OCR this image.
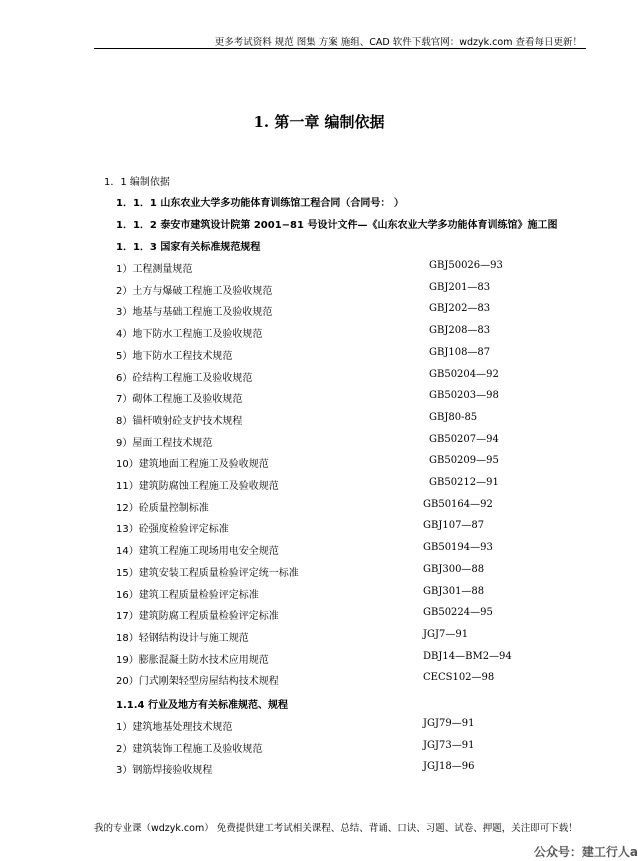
更多考试资料 规范 图集 方案 施组、CAD 软件下载官网：wdzyk.com 查看每日更新！
1. 第一章 编制依据
1．1 编制依据
1．1．1 山东农业大学多功能体育训练馆工程合同（合同号： ）
1．1．2 泰安市建筑设计院第 2001−81 号设计文件—《山东农业大学多功能体育训练馆》施工图
1．1．3 国家有关标准规范规程
1）工程测量规范	GBJ50026—93
2）土方与爆破工程施工及验收规范	GBJ201—83
3）地基与基础工程施工及验收规范	GBJ202—83
4）地下防水工程施工及验收规范	GBJ208—83
5）地下防水工程技术规范	GBJ108—87
6）砼结构工程施工及验收规范	GB50204—92
7）砌体工程施工及验收规范	GB50203—98
8）锚杆喷射砼支护技术规程	GBJ80-85
9）屋面工程技术规范	GB50207—94
10）建筑地面工程施工及验收规范	GB50209—95
11）建筑防腐蚀工程施工及验收规范	GB50212—91
12）砼质量控制标准	GB50164—92
13）砼强度检验评定标准	GBJ107—87
14）建筑工程施工现场用电安全规范	GB50194—93
15）建筑安装工程质量检验评定统一标准	GBJ300—88
16）建筑工程质量检验评定标准	GBJ301—88
17）建筑防腐工程质量检验评定标准	GB50224—95
18）轻钢结构设计与施工规范	JGJ7—91
19）膨胀混凝土防水技术应用规范	DBJ14—BM2—94
20）门式刚架轻型房屋结构技术规程	CECS102—98
1.1.4 行业及地方有关标准规范、规程
1）建筑地基处理技术规范	JGJ79—91
2）建筑装饰工程施工及验收规范	JGJ73—91
3）钢筋焊接验收规程	JGJ18—96
我的专业课（wdzyk.com） 免费提供建工考试相关课程、总结、背诵、口诀、习题、试卷、押题，关注即可下载！
公众号：建工行人a
